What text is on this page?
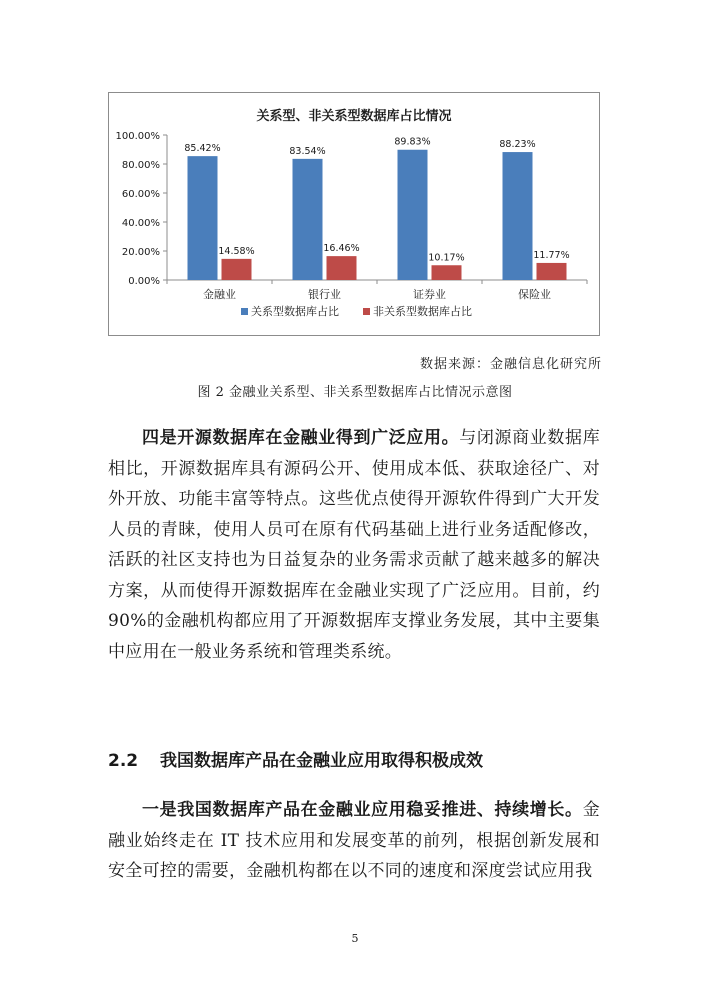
关系型、非关系型数据库占比情况
0.00%
20.00%
40.00%
60.00%
80.00%
100.00%
金融业
85.42%
14.58%
银行业
83.54%
16.46%
证券业
89.83%
10.17%
保险业
88.23%
11.77%
关系型数据库占比	非关系型数据库占比
数据来源：金融信息化研究所
图 2 金融业关系型、非关系型数据库占比情况示意图
四是开源数据库在金融业得到广泛应用。与闭源商业数据库相比，开源数据库具有源码公开、使用成本低、获取途径广、对外开放、功能丰富等特点。这些优点使得开源软件得到广大开发人员的青睐，使用人员可在原有代码基础上进行业务适配修改，活跃的社区支持也为日益复杂的业务需求贡献了越来越多的解决方案，从而使得开源数据库在金融业实现了广泛应用。目前，约 90%的金融机构都应用了开源数据库支撑业务发展，其中主要集中应用在一般业务系统和管理类系统。
2.2 我国数据库产品在金融业应用取得积极成效
一是我国数据库产品在金融业应用稳妥推进、持续增长。金融业始终走在 IT 技术应用和发展变革的前列，根据创新发展和安全可控的需要，金融机构都在以不同的速度和深度尝试应用我
5
